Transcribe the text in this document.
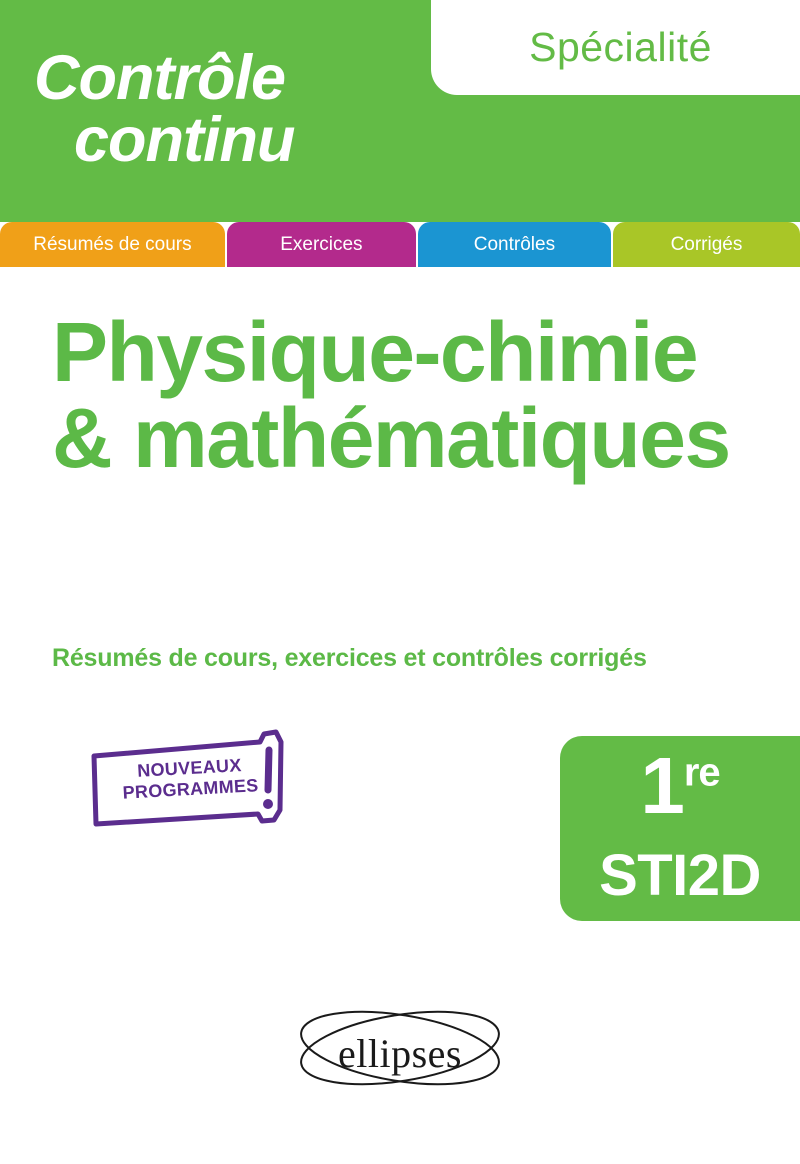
Spécialité
Contrôle
continu
Résumés de cours	Exercices	Contrôles	Corrigés
Physique-chimie & mathématiques
Résumés de cours, exercices et contrôles corrigés
NOUVEAUX
PROGRAMMES	1re
STI2D
ellipses
